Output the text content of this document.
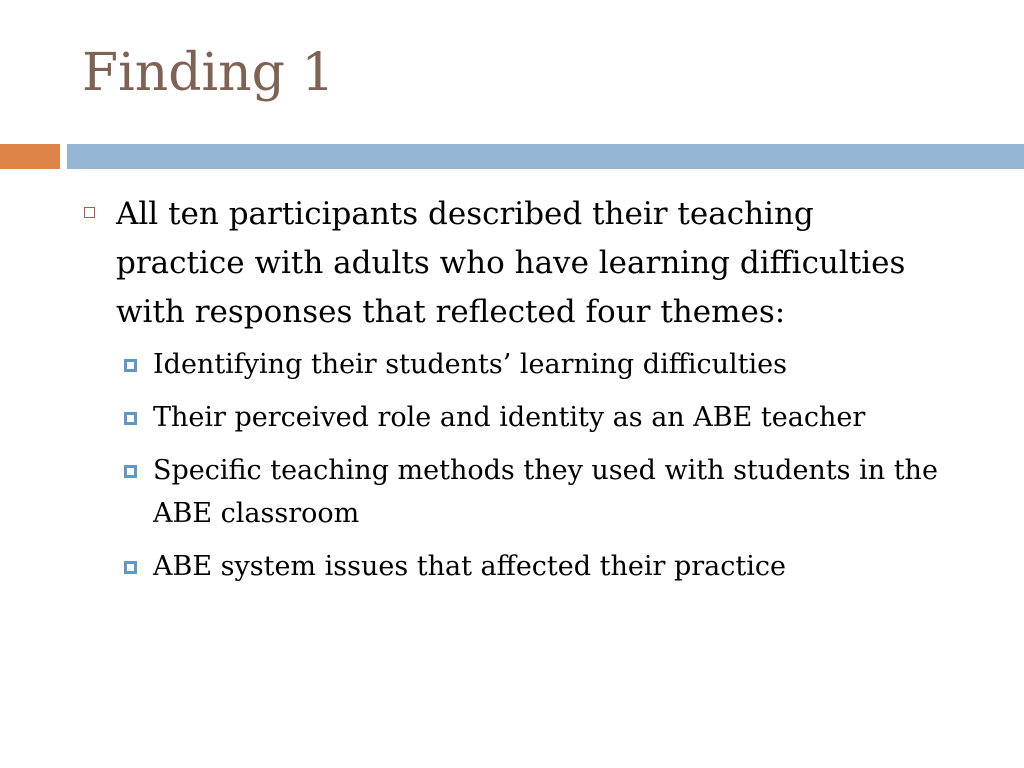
Finding 1
All ten participants described their teaching practice with adults who have learning difficulties with responses that reflected four themes:
Identifying their students’ learning difficulties
Their perceived role and identity as an ABE teacher
Specific teaching methods they used with students in the ABE classroom
ABE system issues that affected their practice
